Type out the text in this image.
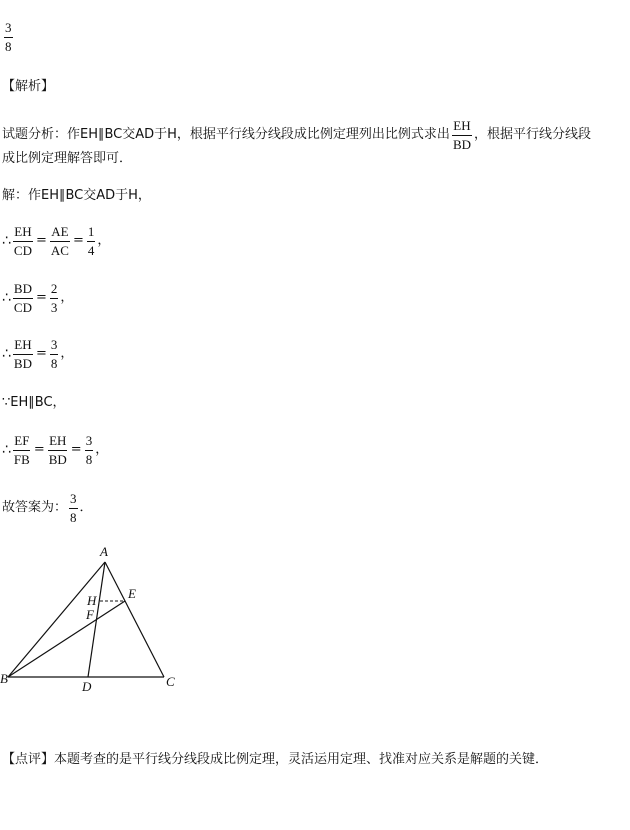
$\frac{3}{8}$
【解析】
试题分析：作EH∥BC交AD于H，根据平行线分线段成比例定理列出比例式求出 $\frac{EH}{BD}$ ，根据平行线分线段
成比例定理解答即可．
解：作EH∥BC交AD于H，
∴ $\frac{EH}{CD} = \frac{AE}{AC} = \frac{1}{4}$ ，
∴ $\frac{BD}{CD} = \frac{2}{3}$ ，
∴ $\frac{EH}{BD} = \frac{3}{8}$ ，
∵EH∥BC，
∴ $\frac{EF}{FB} = \frac{EH}{BD} = \frac{3}{8}$ ，
故答案为： $\frac{3}{8}$ ．
A
B	C
D
E
F
H
【点评】 本题考查的是平行线分线段成比例定理，灵活运用定理、找准对应关系是解题的关键．
